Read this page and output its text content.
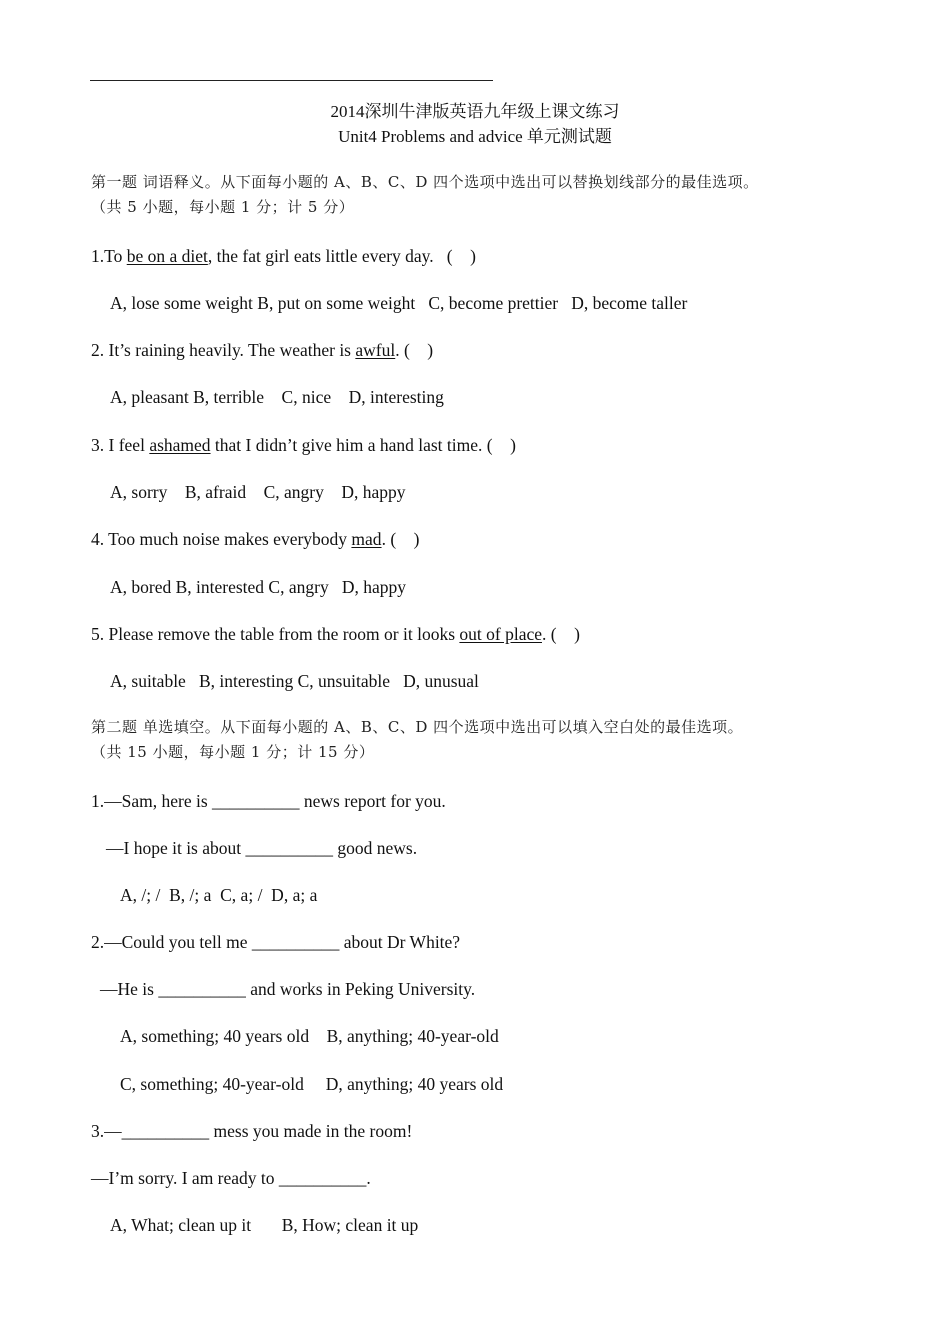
2014深圳牛津版英语九年级上课文练习
Unit4 Problems and advice 单元测试题
第一题 词语释义。从下面每小题的 A、B、C、D 四个选项中选出可以替换划线部分的最佳选项。
（共 5 小题，每小题 1 分；计 5 分）
1.To be on a diet, the fat girl eats little every day.   (    )
A, lose some weight B, put on some weight   C, become prettier   D, become taller
2. It’s raining heavily. The weather is awful. (    )
A, pleasant B, terrible    C, nice    D, interesting
3. I feel ashamed that I didn’t give him a hand last time. (    )
A, sorry    B, afraid    C, angry    D, happy
4. Too much noise makes everybody mad. (    )
A, bored B, interested C, angry   D, happy
5. Please remove the table from the room or it looks out of place. (    )
A, suitable   B, interesting C, unsuitable   D, unusual
第二题 单选填空。从下面每小题的 A、B、C、D 四个选项中选出可以填入空白处的最佳选项。
（共 15 小题，每小题 1 分；计 15 分）
1.—Sam, here is __________ news report for you.
—I hope it is about __________ good news.
A, /; /  B, /; a  C, a; /  D, a; a
2.—Could you tell me __________ about Dr White?
—He is __________ and works in Peking University.
A, something; 40 years old    B, anything; 40-year-old
C, something; 40-year-old     D, anything; 40 years old
3.—__________ mess you made in the room!
—I’m sorry. I am ready to __________.
A, What; clean up it       B, How; clean it up
